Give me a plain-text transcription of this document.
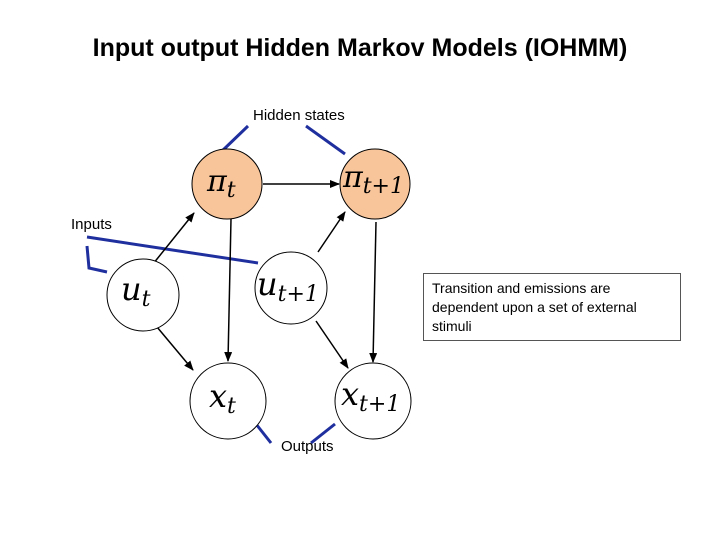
Input output Hidden Markov Models (IOHMM)
$\pi_t$	$\pi_{t+1}$
ut	ut+1
xt	xt+1
Hidden states
Inputs
Outputs
Transition and emissions are dependent upon a set of external stimuli
